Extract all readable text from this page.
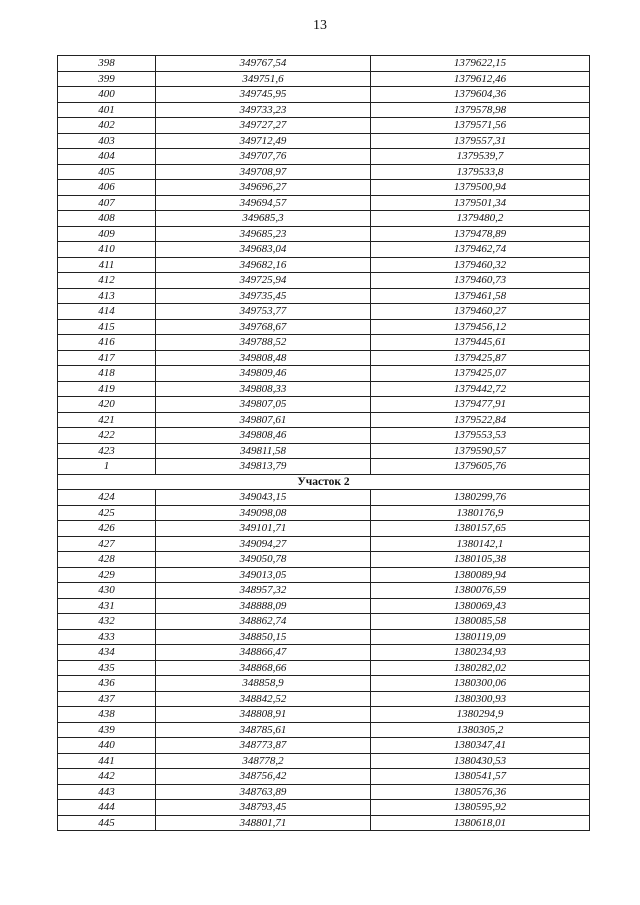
13
398	349767,54	1379622,15
399	349751,6	1379612,46
400	349745,95	1379604,36
401	349733,23	1379578,98
402	349727,27	1379571,56
403	349712,49	1379557,31
404	349707,76	1379539,7
405	349708,97	1379533,8
406	349696,27	1379500,94
407	349694,57	1379501,34
408	349685,3	1379480,2
409	349685,23	1379478,89
410	349683,04	1379462,74
411	349682,16	1379460,32
412	349725,94	1379460,73
413	349735,45	1379461,58
414	349753,77	1379460,27
415	349768,67	1379456,12
416	349788,52	1379445,61
417	349808,48	1379425,87
418	349809,46	1379425,07
419	349808,33	1379442,72
420	349807,05	1379477,91
421	349807,61	1379522,84
422	349808,46	1379553,53
423	349811,58	1379590,57
1	349813,79	1379605,76
Участок 2		
424	349043,15	1380299,76
425	349098,08	1380176,9
426	349101,71	1380157,65
427	349094,27	1380142,1
428	349050,78	1380105,38
429	349013,05	1380089,94
430	348957,32	1380076,59
431	348888,09	1380069,43
432	348862,74	1380085,58
433	348850,15	1380119,09
434	348866,47	1380234,93
435	348868,66	1380282,02
436	348858,9	1380300,06
437	348842,52	1380300,93
438	348808,91	1380294,9
439	348785,61	1380305,2
440	348773,87	1380347,41
441	348778,2	1380430,53
442	348756,42	1380541,57
443	348763,89	1380576,36
444	348793,45	1380595,92
445	348801,71	1380618,01
